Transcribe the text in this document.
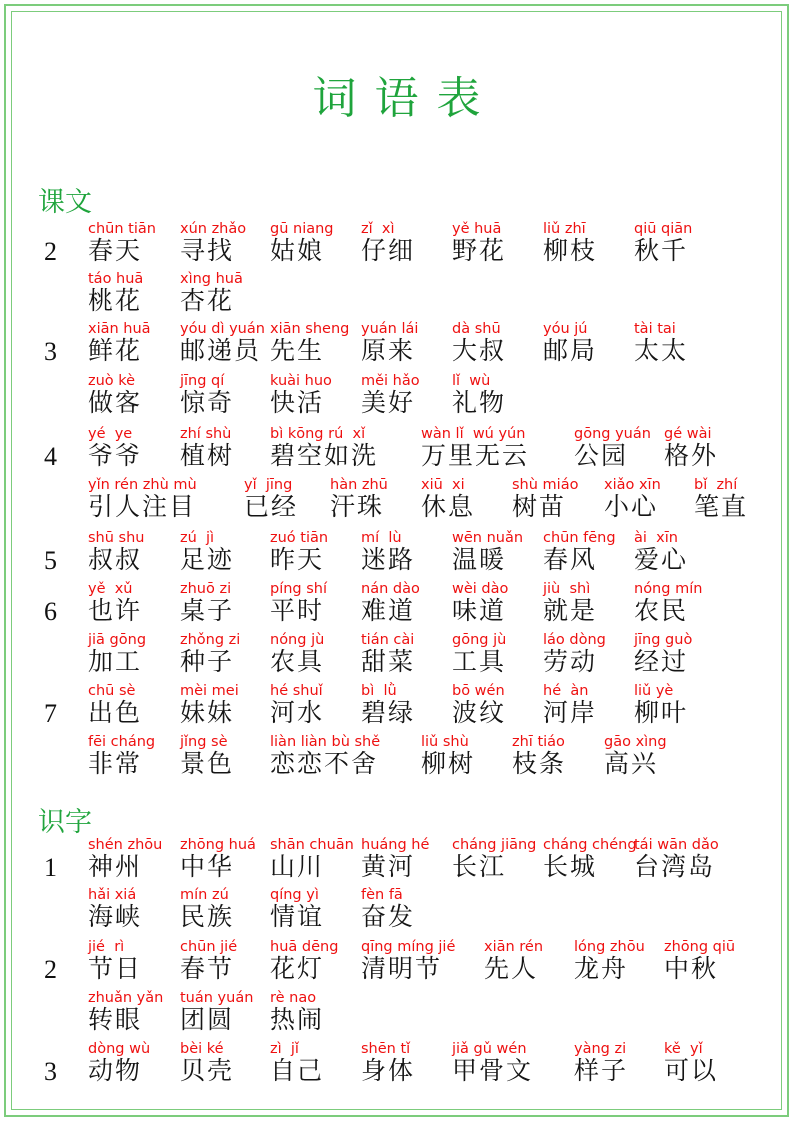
词语表
课文
2
chūn tiān
春天
xún zhǎo
寻找
gū niang
姑娘
zǐ  xì
仔细
yě huā
野花
liǔ zhī
柳枝
qiū qiān
秋千
táo huā
桃花
xìng huā
杏花
3
xiān huā
鲜花
yóu dì yuán
邮递员
xiān sheng
先生
yuán lái
原来
dà shū
大叔
yóu jú
邮局
tài tai
太太
zuò kè
做客
jīng qí
惊奇
kuài huo
快活
měi hǎo
美好
lǐ  wù
礼物
4
yé  ye
爷爷
zhí shù
植树
bì kōng rú  xǐ
碧空如洗
wàn lǐ  wú yún
万里无云
gōng yuán
公园
gé wài
格外
yǐn rén zhù mù
引人注目
yǐ  jīng
已经
hàn zhū
汗珠
xiū  xi
休息
shù miáo
树苗
xiǎo xīn
小心
bǐ  zhí
笔直
5
shū shu
叔叔
zú  jì
足迹
zuó tiān
昨天
mí  lù
迷路
wēn nuǎn
温暖
chūn fēng
春风
ài  xīn
爱心
6
yě  xǔ
也许
zhuō zi
桌子
píng shí
平时
nán dào
难道
wèi dào
味道
jiù  shì
就是
nóng mín
农民
jiā gōng
加工
zhǒng zi
种子
nóng jù
农具
tián cài
甜菜
gōng jù
工具
láo dòng
劳动
jīng guò
经过
7
chū sè
出色
mèi mei
妹妹
hé shuǐ
河水
bì  lǜ
碧绿
bō wén
波纹
hé  àn
河岸
liǔ yè
柳叶
fēi cháng
非常
jǐng sè
景色
liàn liàn bù shě
恋恋不舍
liǔ shù
柳树
zhī tiáo
枝条
gāo xìng
高兴
识字
1
shén zhōu
神州
zhōng huá
中华
shān chuān
山川
huáng hé
黄河
cháng jiāng
长江
cháng chéng
长城
tái wān dǎo
台湾岛
hǎi xiá
海峡
mín zú
民族
qíng yì
情谊
fèn fā
奋发
2
jié  rì
节日
chūn jié
春节
huā dēng
花灯
qīng míng jié
清明节
xiān rén
先人
lóng zhōu
龙舟
zhōng qiū
中秋
zhuǎn yǎn
转眼
tuán yuán
团圆
rè nao
热闹
3
dòng wù
动物
bèi ké
贝壳
zì  jǐ
自己
shēn tǐ
身体
jiǎ gǔ wén
甲骨文
yàng zi
样子
kě  yǐ
可以
